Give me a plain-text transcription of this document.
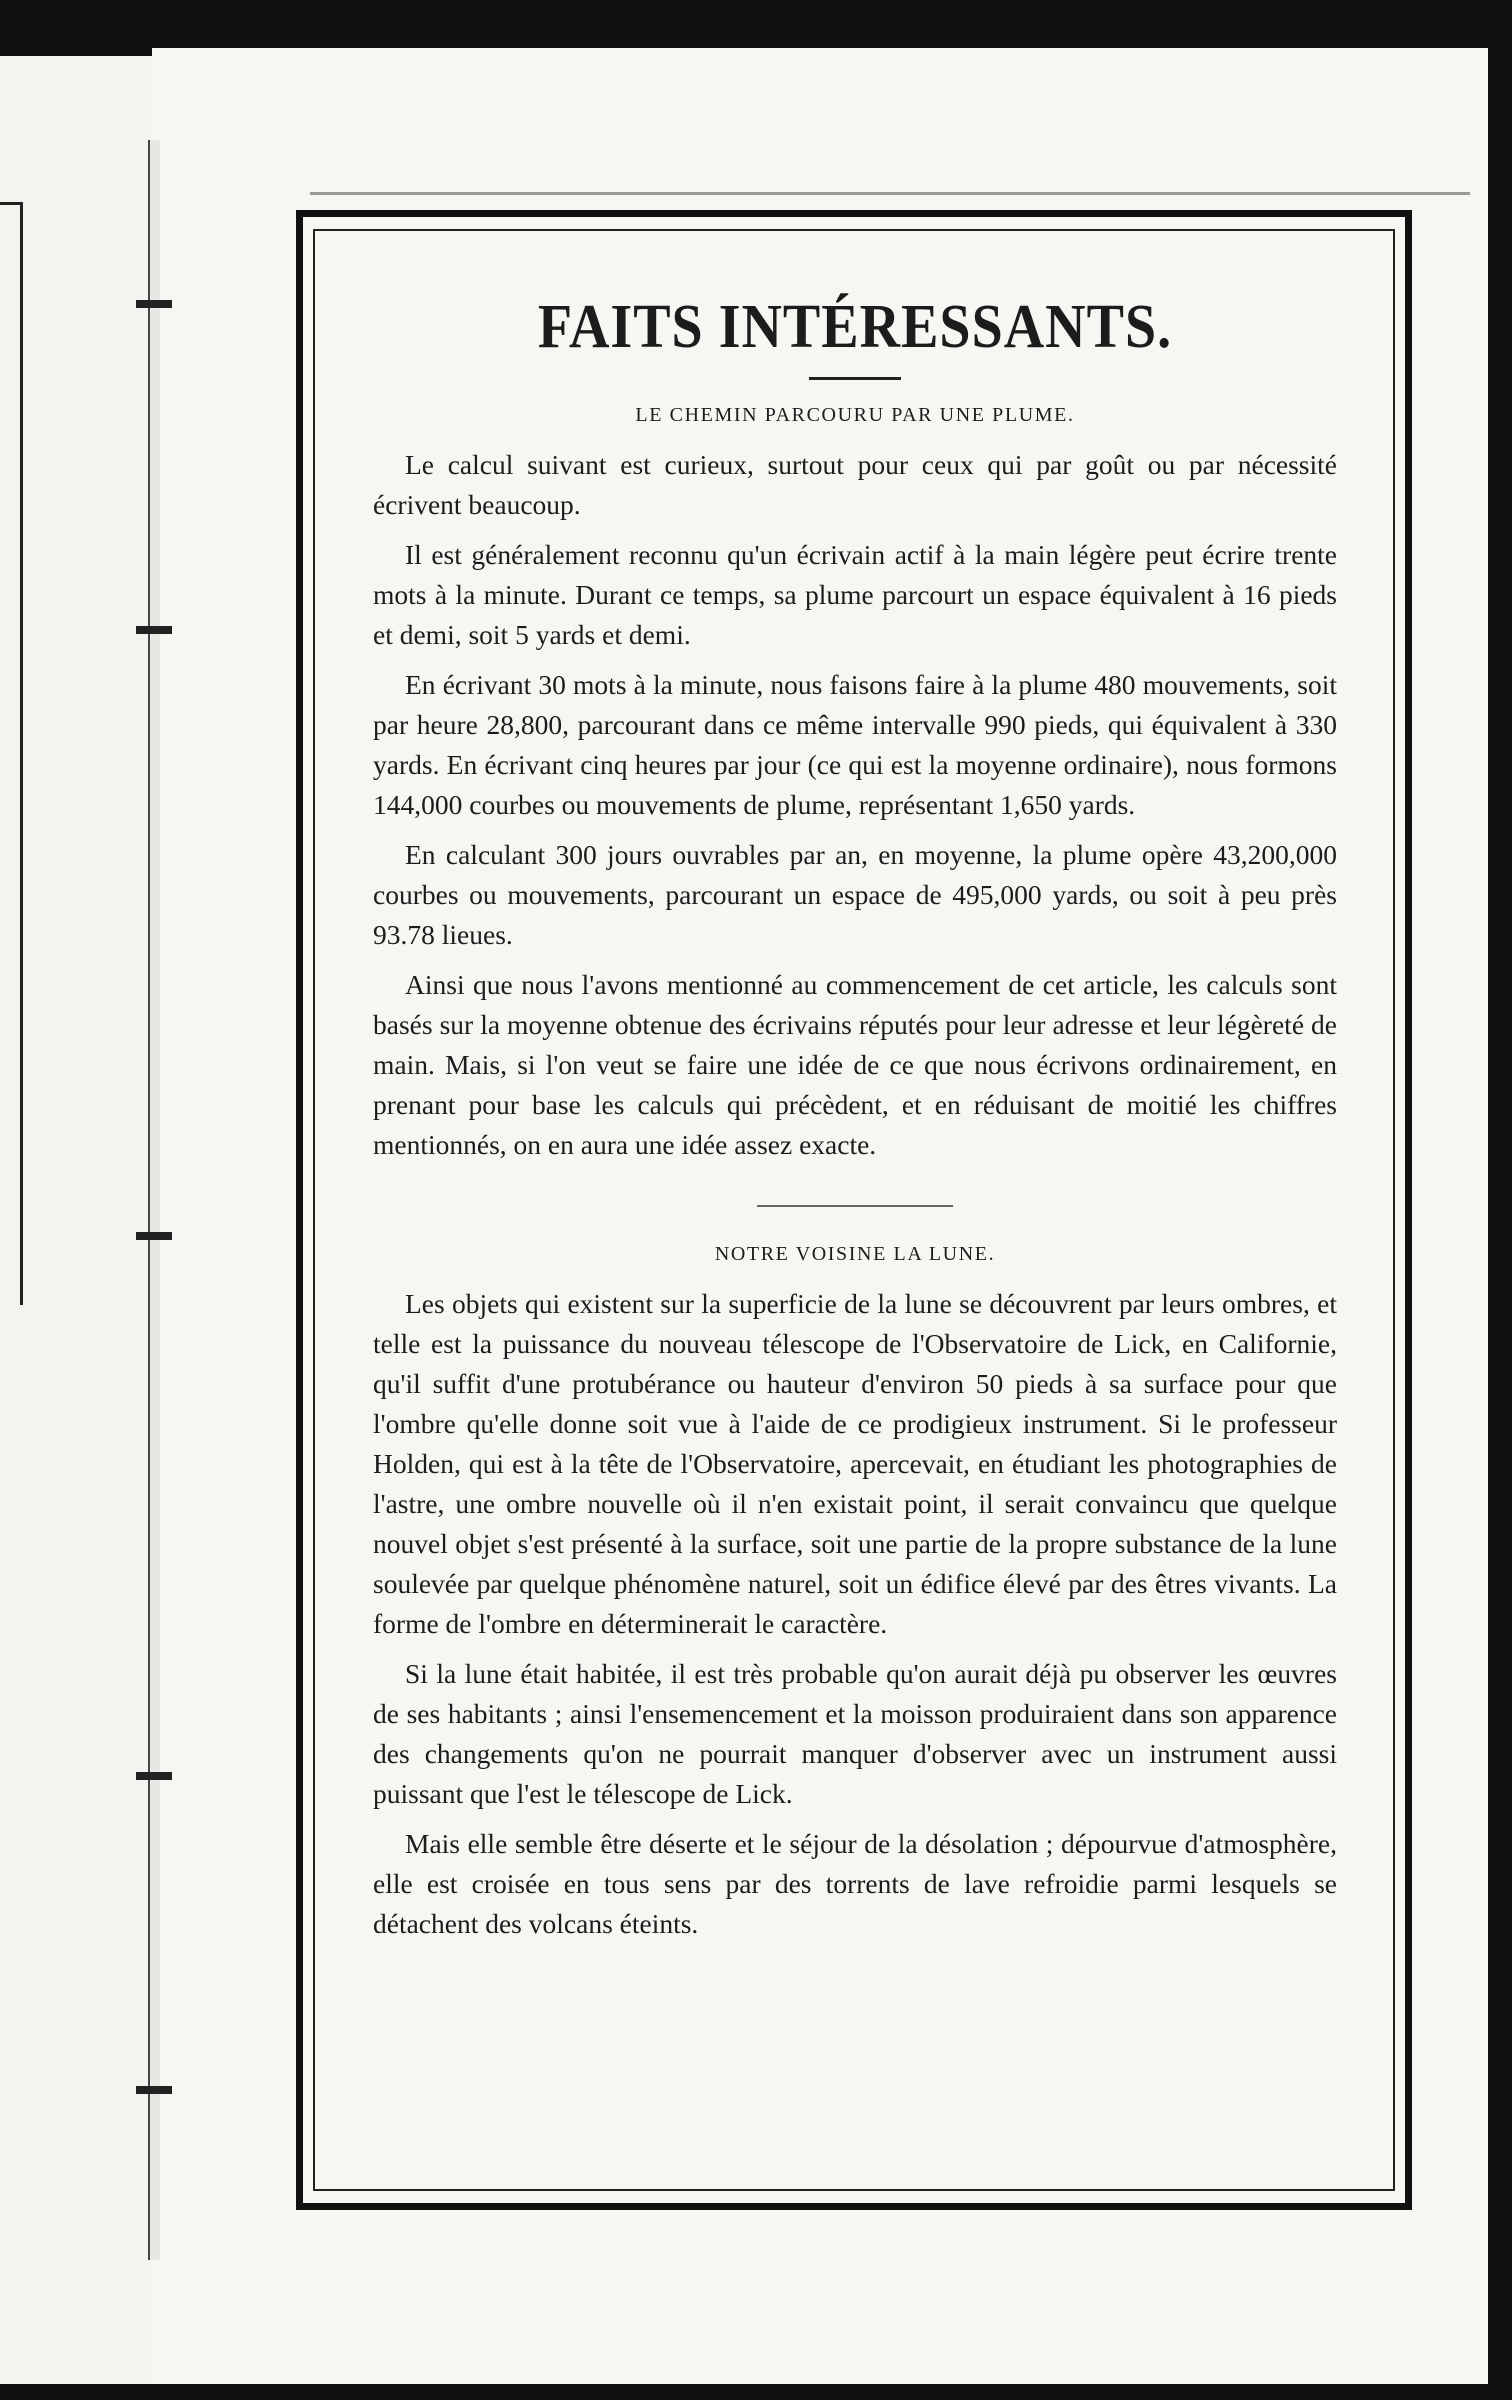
FAITS INTÉRESSANTS.
LE CHEMIN PARCOURU PAR UNE PLUME.

Le calcul suivant est curieux, surtout pour ceux qui par goût ou par nécessité écrivent beaucoup.

Il est généralement reconnu qu'un écrivain actif à la main légère peut écrire trente mots à la minute. Durant ce temps, sa plume parcourt un espace équivalent à 16 pieds et demi, soit 5 yards et demi.

En écrivant 30 mots à la minute, nous faisons faire à la plume 480 mouvements, soit par heure 28,800, parcourant dans ce même intervalle 990 pieds, qui équivalent à 330 yards. En écrivant cinq heures par jour (ce qui est la moyenne ordinaire), nous formons 144,000 courbes ou mouvements de plume, représentant 1,650 yards.

En calculant 300 jours ouvrables par an, en moyenne, la plume opère 43,200,000 courbes ou mouvements, parcourant un espace de 495,000 yards, ou soit à peu près 93.78 lieues.

Ainsi que nous l'avons mentionné au commencement de cet article, les calculs sont basés sur la moyenne obtenue des écrivains réputés pour leur adresse et leur légèreté de main. Mais, si l'on veut se faire une idée de ce que nous écrivons ordinairement, en prenant pour base les calculs qui précèdent, et en réduisant de moitié les chiffres mentionnés, on en aura une idée assez exacte.

NOTRE VOISINE LA LUNE.

Les objets qui existent sur la superficie de la lune se découvrent par leurs ombres, et telle est la puissance du nouveau télescope de l'Observatoire de Lick, en Californie, qu'il suffit d'une protubérance ou hauteur d'environ 50 pieds à sa surface pour que l'ombre qu'elle donne soit vue à l'aide de ce prodigieux instrument. Si le professeur Holden, qui est à la tête de l'Observatoire, apercevait, en étudiant les photographies de l'astre, une ombre nouvelle où il n'en existait point, il serait convaincu que quelque nouvel objet s'est présenté à la surface, soit une partie de la propre substance de la lune soulevée par quelque phénomène naturel, soit un édifice élevé par des êtres vivants. La forme de l'ombre en déterminerait le caractère.

Si la lune était habitée, il est très probable qu'on aurait déjà pu observer les œuvres de ses habitants ; ainsi l'ensemencement et la moisson produiraient dans son apparence des changements qu'on ne pourrait manquer d'observer avec un instrument aussi puissant que l'est le télescope de Lick.

Mais elle semble être déserte et le séjour de la désolation ; dépourvue d'atmosphère, elle est croisée en tous sens par des torrents de lave refroidie parmi lesquels se détachent des volcans éteints.
